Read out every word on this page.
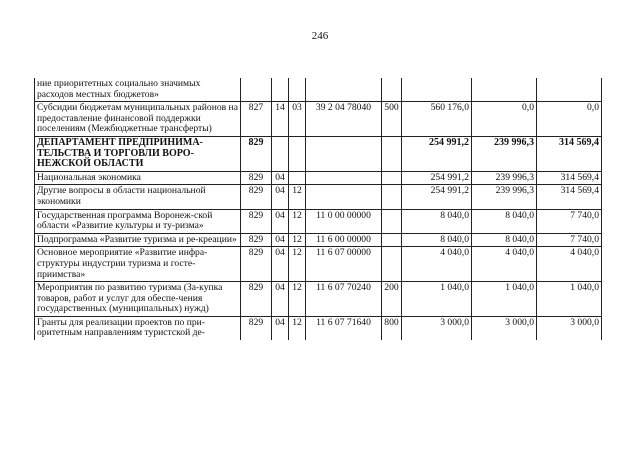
246
ние приоритетных социально значимых расходов местных бюджетов»								
Субсидии бюджетам муниципальных районов на предоставление финансовой поддержки поселениям (Межбюджетные трансферты)	827	14	03	39 2 04 78040	500	560 176,0	0,0	0,0
ДЕПАРТАМЕНТ ПРЕДПРИНИМА-ТЕЛЬСТВА И ТОРГОВЛИ ВОРО-НЕЖСКОЙ ОБЛАСТИ	829					254 991,2	239 996,3	314 569,4
Национальная экономика	829	04				254 991,2	239 996,3	314 569,4
Другие вопросы в области национальной экономики	829	04	12			254 991,2	239 996,3	314 569,4
Государственная программа Воронеж-ской области «Развитие культуры и ту-ризма»	829	04	12	11 0 00 00000		8 040,0	8 040,0	7 740,0
Подпрограмма «Развитие туризма и ре-креации»	829	04	12	11 6 00 00000		8 040,0	8 040,0	7 740,0
Основное мероприятие «Развитие инфра-структуры индустрии туризма и госте-приимства»	829	04	12	11 6 07 00000		4 040,0	4 040,0	4 040,0
Мероприятия по развитию туризма (За-купка товаров, работ и услуг для обеспе-чения государственных (муниципальных) нужд)	829	04	12	11 6 07 70240	200	1 040,0	1 040,0	1 040,0
Гранты для реализации проектов по при-оритетным направлениям туристской де-	829	04	12	11 6 07 71640	800	3 000,0	3 000,0	3 000,0
